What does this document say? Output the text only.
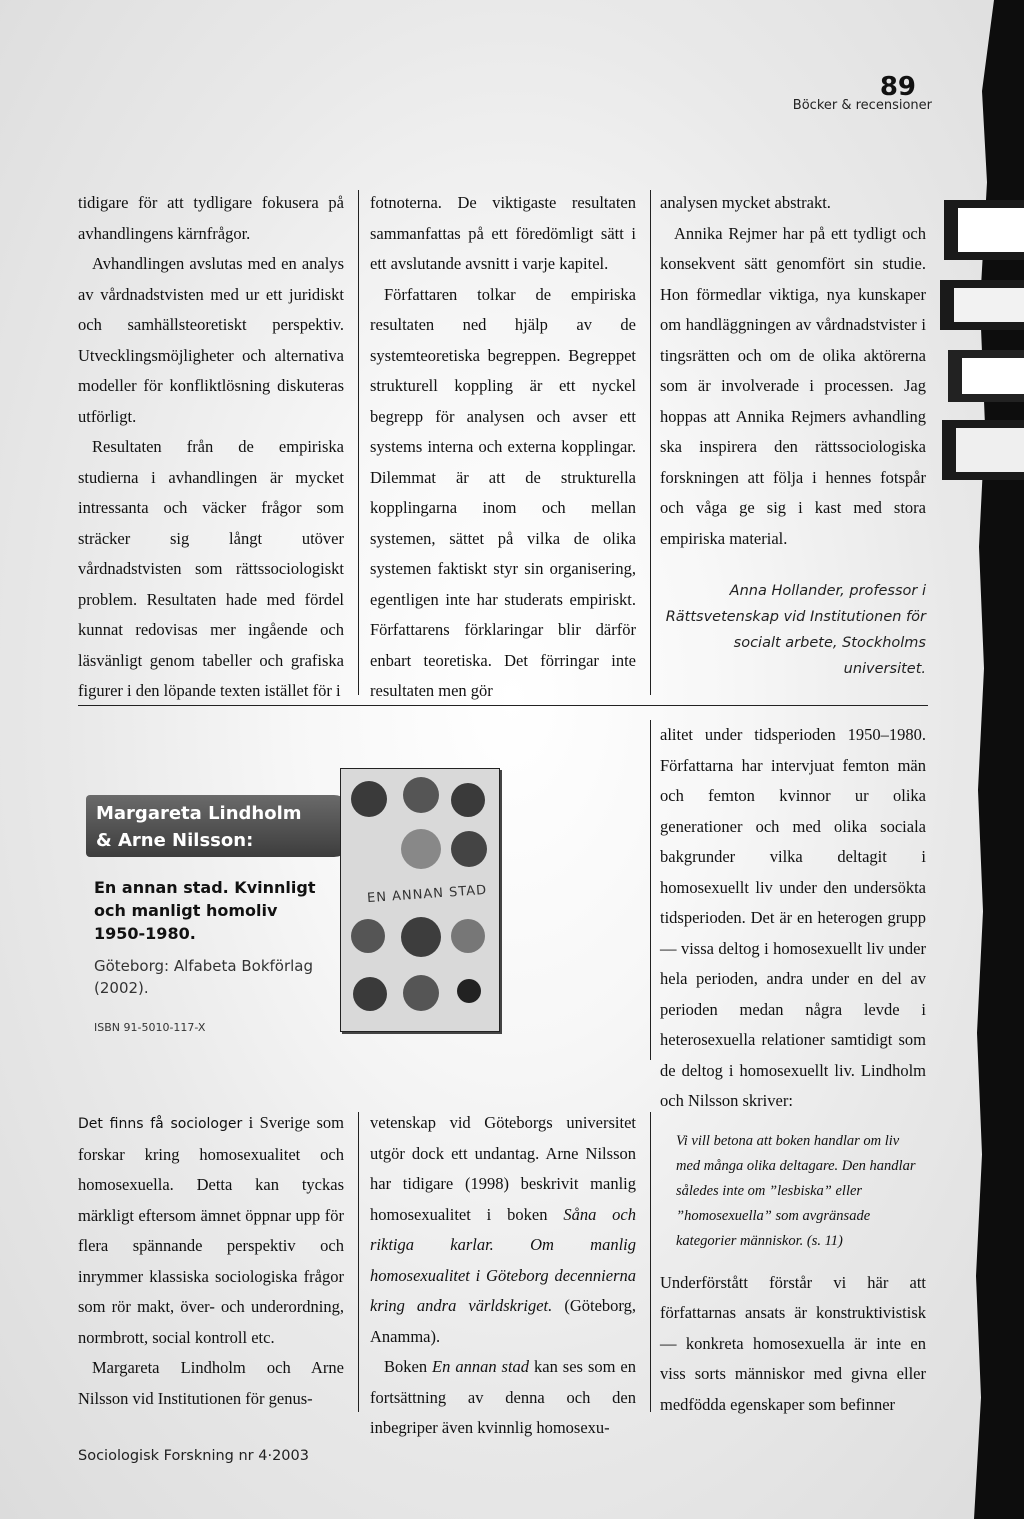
89
Böcker & recensioner

tidigare för att tydligare fokusera på avhandlingens kärnfrågor.

Avhandlingen avslutas med en analys av vårdnadstvisten med ur ett juridiskt och samhällsteoretiskt perspektiv. Utvecklingsmöjligheter och alternativa modeller för konfliktlösning diskuteras utförligt.

Resultaten från de empiriska studierna i avhandlingen är mycket intressanta och väcker frågor som sträcker sig långt utöver vårdnadstvisten som rättssociologiskt problem. Resultaten hade med fördel kunnat redovisas mer ingående och läsvänligt genom tabeller och grafiska figurer i den löpande texten istället för i

fotnoterna. De viktigaste resultaten sammanfattas på ett föredömligt sätt i ett avslutande avsnitt i varje kapitel.

Författaren tolkar de empiriska resultaten ned hjälp av de systemteoretiska begreppen. Begreppet strukturell koppling är ett nyckel begrepp för analysen och avser ett systems interna och externa kopplingar. Dilemmat är att de strukturella kopplingarna inom och mellan systemen, sättet på vilka de olika systemen faktiskt styr sin organisering, egentligen inte har studerats empiriskt. Författarens förklaringar blir därför enbart teoretiska. Det förringar inte resultaten men gör

analysen mycket abstrakt.

Annika Rejmer har på ett tydligt och konsekvent sätt genomfört sin studie. Hon förmedlar viktiga, nya kunskaper om handläggningen av vårdnadstvister i tingsrätten och om de olika aktörerna som är involverade i processen. Jag hoppas att Annika Rejmers avhandling ska inspirera den rättssociologiska forskningen att följa i hennes fotspår och våga ge sig i kast med stora empiriska material.

Anna Hollander, professor i Rättsvetenskap vid Institutionen för socialt arbete, Stockholms universitet.
Margareta Lindholm
& Arne Nilsson:
En annan stad. Kvinnligt och manligt homoliv 1950-1980.
Göteborg: Alfabeta Bokförlag (2002).
ISBN 91-5010-117-X
EN ANNAN STAD

alitet under tidsperioden 1950–1980. Författarna har intervjuat femton män och femton kvinnor ur olika generationer och med olika sociala bakgrunder vilka deltagit i homosexuellt liv under den undersökta tidsperioden. Det är en heterogen grupp — vissa deltog i homosexuellt liv under hela perioden, andra under en del av perioden medan några levde i heterosexuella relationer samtidigt som de deltog i homosexuellt liv. Lindholm och Nilsson skriver:

Vi vill betona att boken handlar om liv med många olika deltagare. Den handlar således inte om ”lesbiska” eller ”homosexuella” som avgränsade kategorier människor. (s. 11)

Underförstått förstår vi här att författarnas ansats är konstruktivistisk — konkreta homosexuella är inte en viss sorts människor med givna eller medfödda egenskaper som befinner

Det finns få sociologer i Sverige som forskar kring homosexualitet och homosexuella. Detta kan tyckas märkligt eftersom ämnet öppnar upp för flera spännande perspektiv och inrymmer klassiska sociologiska frågor som rör makt, över- och underordning, normbrott, social kontroll etc.

Margareta Lindholm och Arne Nilsson vid Institutionen för genus-

vetenskap vid Göteborgs universitet utgör dock ett undantag. Arne Nilsson har tidigare (1998) beskrivit manlig homosexualitet i boken Såna och riktiga karlar. Om manlig homosexualitet i Göteborg decennierna kring andra världskriget. (Göteborg, Anamma).

Boken En annan stad kan ses som en fortsättning av denna och den inbegriper även kvinnlig homosexu-

Sociologisk Forskning nr 4·2003
